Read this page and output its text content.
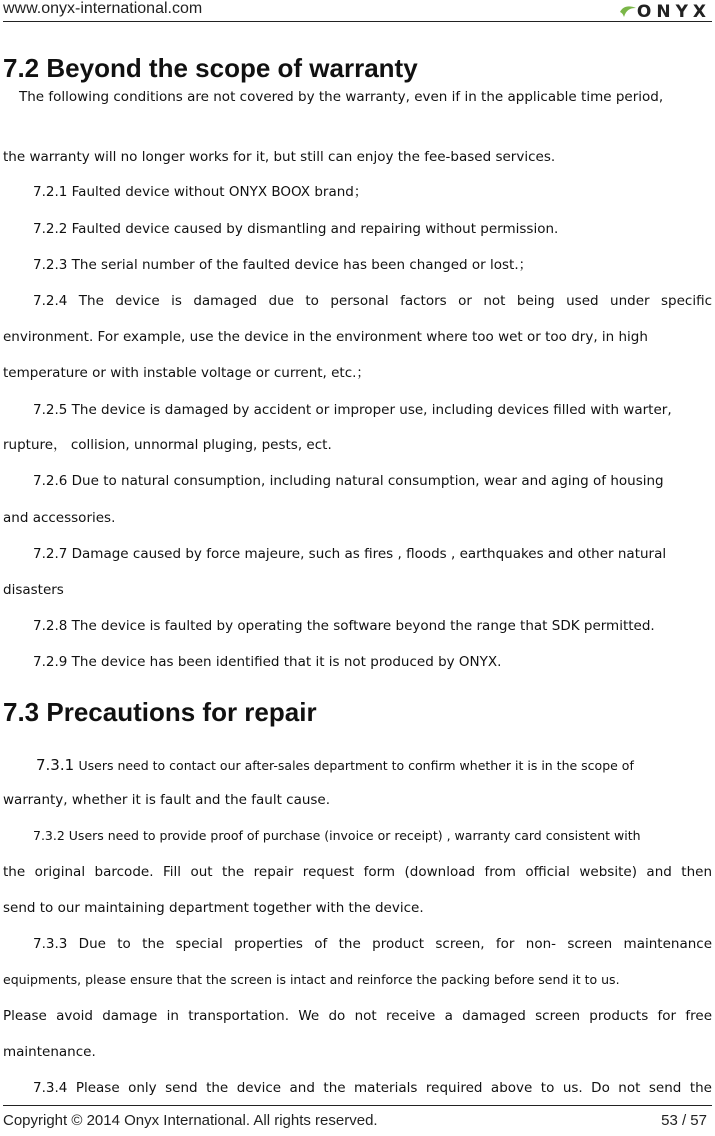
www.onyx-international.com	ONYX
7.2 Beyond the scope of warranty
The following conditions are not covered by the warranty, even if in the applicable time period,
the warranty will no longer works for it, but still can enjoy the fee-based services.
7.2.1 Faulted device without ONYX BOOX brand；
7.2.2 Faulted device caused by dismantling and repairing without permission.
7.2.3 The serial number of the faulted device has been changed or lost.；
7.2.4 The device is damaged due to personal factors or not being used under specific
environment. For example, use the device in the environment where too wet or too dry, in high
temperature or with instable voltage or current, etc.；
7.2.5 The device is damaged by accident or improper use, including devices filled with warter,
rupture， collision, unnormal pluging, pests, ect.
7.2.6 Due to natural consumption, including natural consumption, wear and aging of housing
and accessories.
7.2.7 Damage caused by force majeure, such as fires , floods , earthquakes and other natural
disasters
7.2.8 The device is faulted by operating the software beyond the range that SDK permitted.
7.2.9 The device has been identified that it is not produced by ONYX.
7.3 Precautions for repair
7.3.1 Users need to contact our after-sales department to confirm whether it is in the scope of
warranty, whether it is fault and the fault cause.
7.3.2 Users need to provide proof of purchase (invoice or receipt) , warranty card consistent with
the original barcode. Fill out the repair request form (download from official website) and then
send to our maintaining department together with the device.
7.3.3 Due to the special properties of the product screen, for non- screen maintenance
equipments, please ensure that the screen is intact and reinforce the packing before send it to us.
Please avoid damage in transportation. We do not receive a damaged screen products for free
maintenance.
7.3.4 Please only send the device and the materials required above to us. Do not send the
Copyright © 2014 Onyx International. All rights reserved.	53 / 57
